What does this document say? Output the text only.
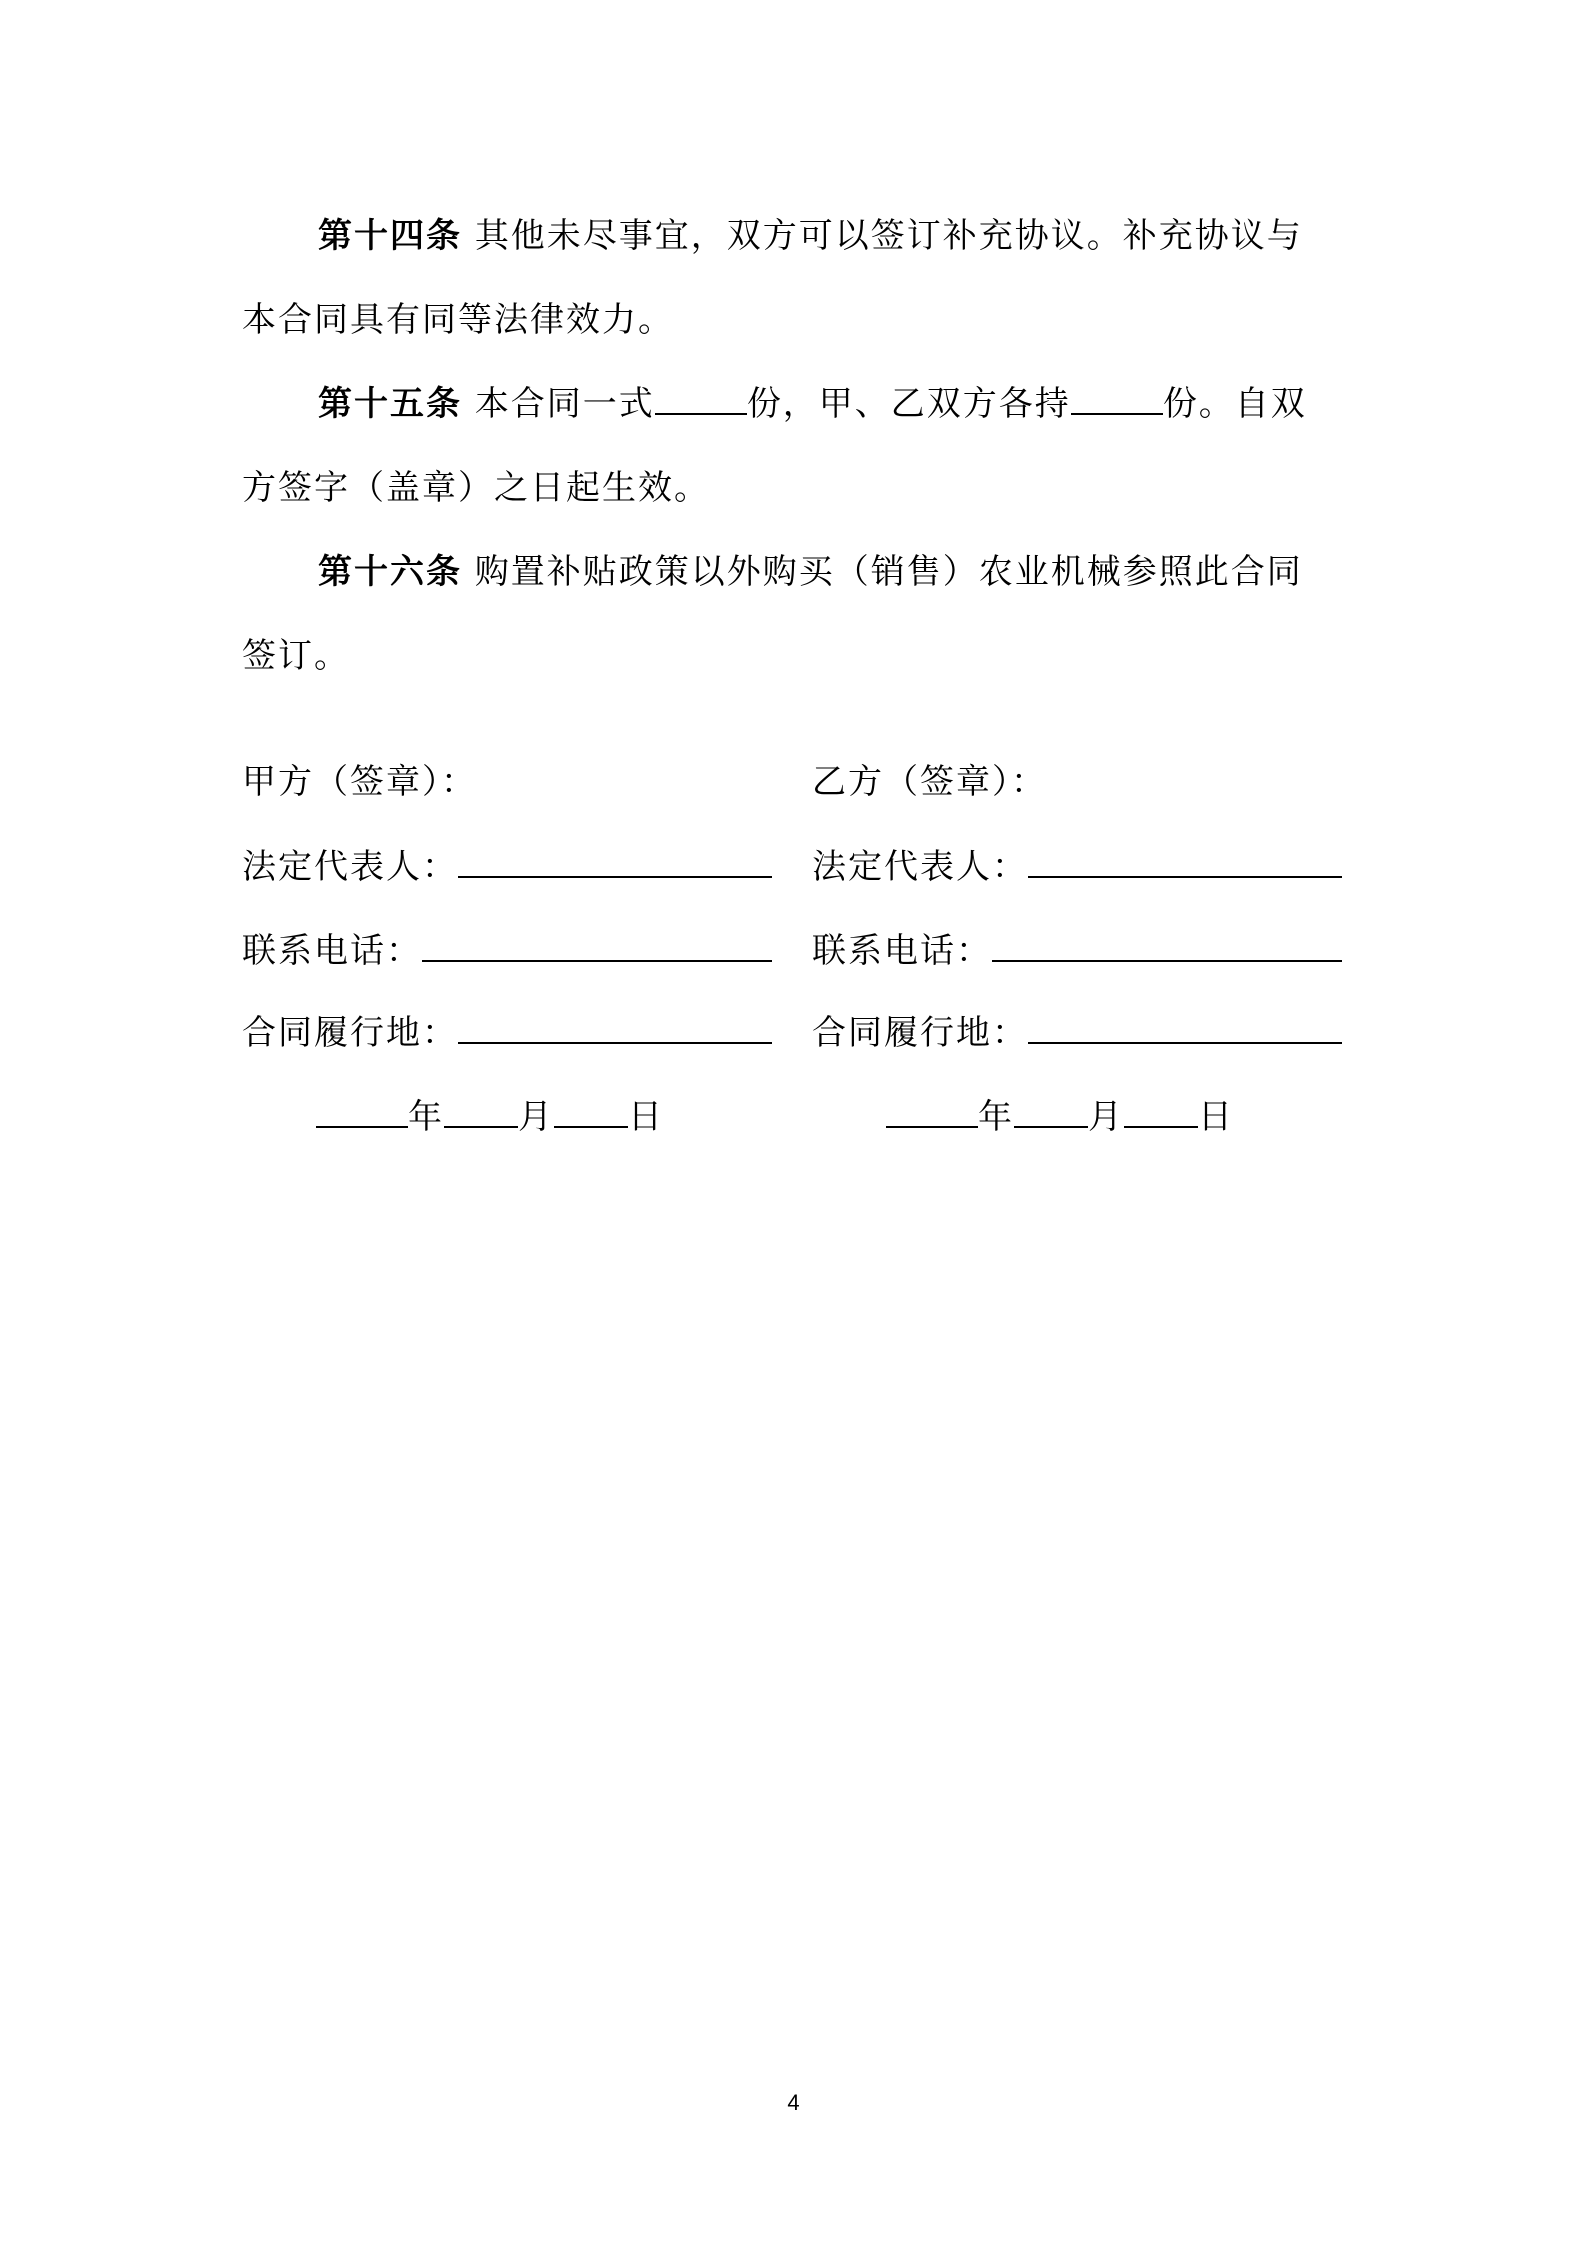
第十四条 其他未尽事宜，双方可以签订补充协议。补充协议与
本合同具有同等法律效力。
第十五条 本合同一式	份，甲、乙双方各持	份。自双
方签字（盖章）之日起生效。
第十六条 购置补贴政策以外购买（销售）农业机械参照此合同
签订。
甲方（签章）：
法定代表人：
联系电话：
合同履行地：
年 月 日
乙方（签章）：
法定代表人：
联系电话：
合同履行地：
年 月 日
4
